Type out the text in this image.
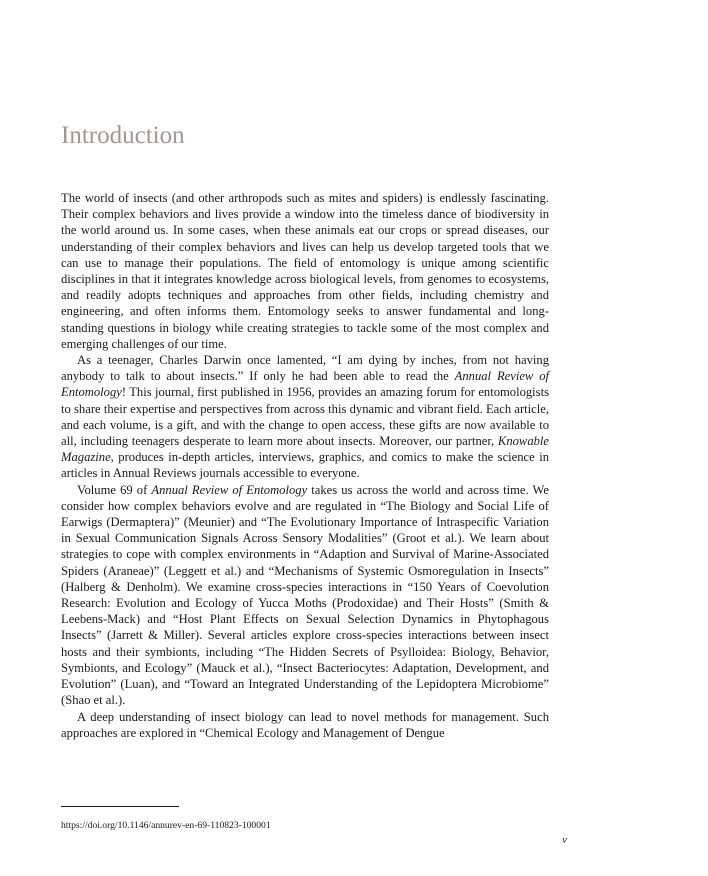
Introduction

The world of insects (and other arthropods such as mites and spiders) is endlessly fascinating. Their complex behaviors and lives provide a window into the timeless dance of biodiversity in the world around us. In some cases, when these animals eat our crops or spread diseases, our understanding of their complex behaviors and lives can help us develop targeted tools that we can use to manage their populations. The field of entomology is unique among scientific disciplines in that it integrates knowledge across biological levels, from genomes to ecosystems, and readily adopts techniques and approaches from other fields, including chemistry and engineering, and often informs them. Entomology seeks to answer fundamental and long-standing questions in biology while creating strategies to tackle some of the most complex and emerging challenges of our time.

As a teenager, Charles Darwin once lamented, “I am dying by inches, from not having anybody to talk to about insects.” If only he had been able to read the Annual Review of Entomology! This journal, first published in 1956, provides an amazing forum for entomologists to share their expertise and perspectives from across this dynamic and vibrant field. Each article, and each volume, is a gift, and with the change to open access, these gifts are now available to all, including teenagers desperate to learn more about insects. Moreover, our partner, Knowable Magazine, produces in-depth articles, interviews, graphics, and comics to make the science in articles in Annual Reviews journals accessible to everyone.

Volume 69 of Annual Review of Entomology takes us across the world and across time. We consider how complex behaviors evolve and are regulated in “The Biology and Social Life of Earwigs (Dermaptera)” (Meunier) and “The Evolutionary Importance of Intraspecific Variation in Sexual Communication Signals Across Sensory Modalities” (Groot et al.). We learn about strategies to cope with complex environments in “Adaption and Survival of Marine-Associated Spiders (Araneae)” (Leggett et al.) and “Mechanisms of Systemic Osmoregulation in Insects” (Halberg & Denholm). We examine cross-species interactions in “150 Years of Coevolution Research: Evolution and Ecology of Yucca Moths (Prodoxidae) and Their Hosts” (Smith & Leebens-Mack) and “Host Plant Effects on Sexual Selection Dynamics in Phytophagous Insects” (Jarrett & Miller). Several articles explore cross-species interactions between insect hosts and their symbionts, including “The Hidden Secrets of Psylloidea: Biology, Behavior, Symbionts, and Ecology” (Mauck et al.), “Insect Bacteriocytes: Adaptation, Development, and Evolution” (Luan), and “Toward an Integrated Understanding of the Lepidoptera Microbiome” (Shao et al.).

A deep understanding of insect biology can lead to novel methods for management. Such approaches are explored in “Chemical Ecology and Management of Dengue

https://doi.org/10.1146/annurev-en-69-110823-100001
v
